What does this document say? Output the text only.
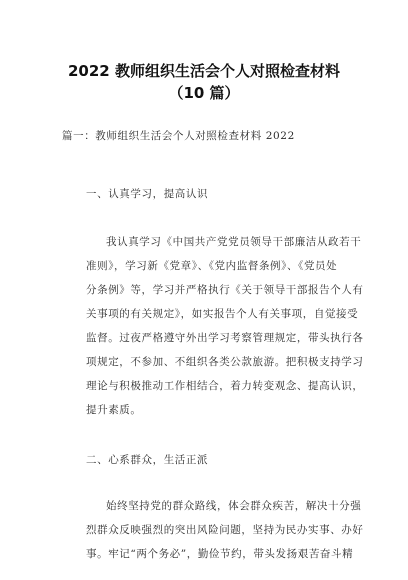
2022 教师组织生活会个人对照检查材料
（10 篇）
篇一：教师组织生活会个人对照检查材料 2022
一、认真学习，提高认识
我认真学习《中国共产党党员领导干部廉洁从政若干
准则》，学习新《党章》、《党内监督条例》、《党员处
分条例》等，学习并严格执行《关于领导干部报告个人有
关事项的有关规定》，如实报告个人有关事项，自觉接受
监督。过夜严格遵守外出学习考察管理规定，带头执行各
项规定，不参加、不组织各类公款旅游。把积极支持学习
理论与积极推动工作相结合，着力转变观念、提高认识，
提升素质。
二、心系群众，生活正派
始终坚持党的群众路线，体会群众疾苦，解决十分强
烈群众反映强烈的突出风险问题，坚持为民办实事、办好
事。牢记“两个务必”，勤俭节约，带头发扬艰苦奋斗精
